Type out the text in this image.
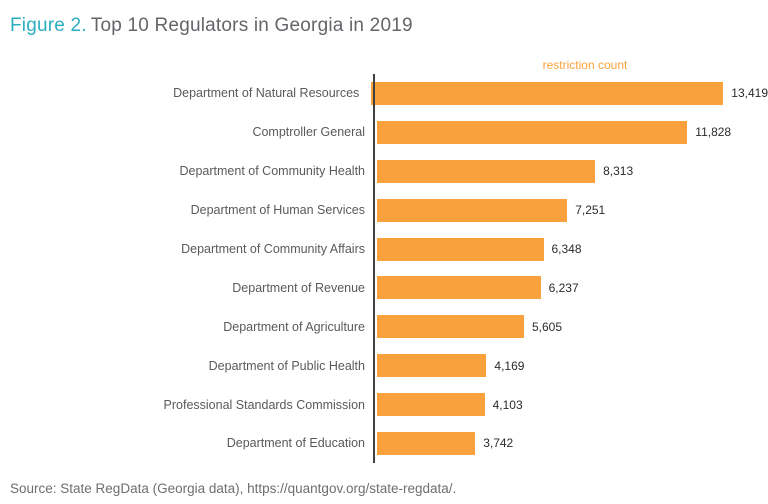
Figure 2. Top 10 Regulators in Georgia in 2019
restriction count
Department of Natural Resources	13,419
Comptroller General	11,828
Department of Community Health	8,313
Department of Human Services	7,251
Department of Community Affairs	6,348
Department of Revenue	6,237
Department of Agriculture	5,605
Department of Public Health	4,169
Professional Standards Commission	4,103
Department of Education	3,742
Source: State RegData (Georgia data), https://quantgov.org/state-regdata/.
